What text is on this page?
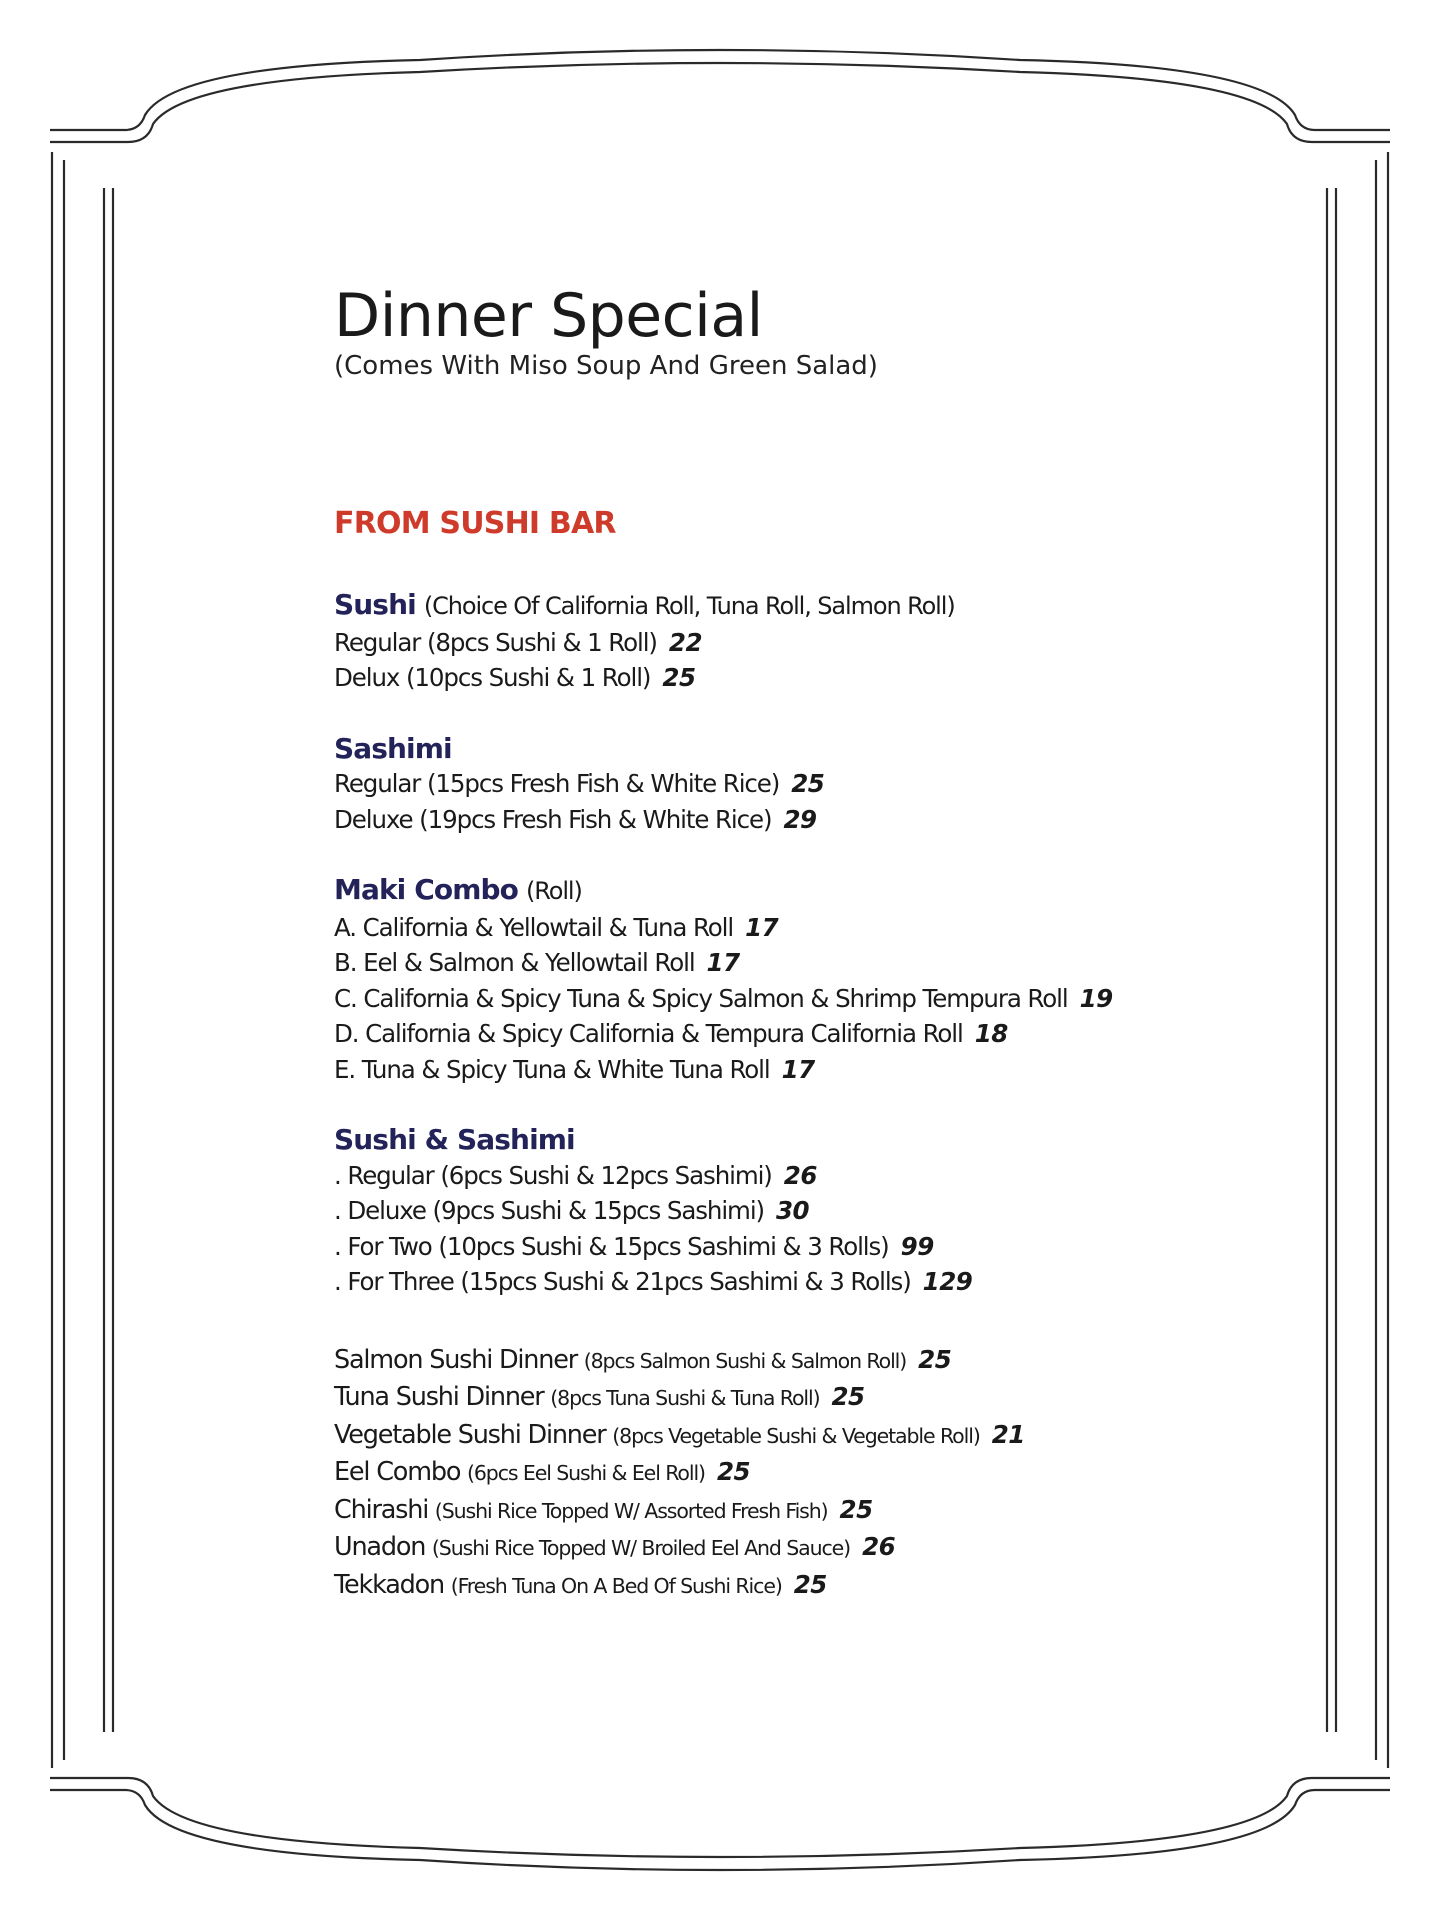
Dinner Special
(Comes With Miso Soup And Green Salad)
FROM SUSHI BAR
Sushi (Choice Of California Roll, Tuna Roll, Salmon Roll)
Regular (8pcs Sushi & 1 Roll) 22
Delux (10pcs Sushi & 1 Roll) 25
Sashimi
Regular (15pcs Fresh Fish & White Rice) 25
Deluxe (19pcs Fresh Fish & White Rice) 29
Maki Combo (Roll)
A. California & Yellowtail & Tuna Roll 17
B. Eel & Salmon & Yellowtail Roll 17
C. California & Spicy Tuna & Spicy Salmon & Shrimp Tempura Roll 19
D. California & Spicy California & Tempura California Roll 18
E. Tuna & Spicy Tuna & White Tuna Roll 17
Sushi & Sashimi
. Regular (6pcs Sushi & 12pcs Sashimi) 26
. Deluxe (9pcs Sushi & 15pcs Sashimi) 30
. For Two (10pcs Sushi & 15pcs Sashimi & 3 Rolls) 99
. For Three (15pcs Sushi & 21pcs Sashimi & 3 Rolls) 129
Salmon Sushi Dinner (8pcs Salmon Sushi & Salmon Roll) 25
Tuna Sushi Dinner (8pcs Tuna Sushi & Tuna Roll) 25
Vegetable Sushi Dinner (8pcs Vegetable Sushi & Vegetable Roll) 21
Eel Combo (6pcs Eel Sushi & Eel Roll) 25
Chirashi (Sushi Rice Topped W/ Assorted Fresh Fish) 25
Unadon (Sushi Rice Topped W/ Broiled Eel And Sauce) 26
Tekkadon (Fresh Tuna On A Bed Of Sushi Rice) 25
